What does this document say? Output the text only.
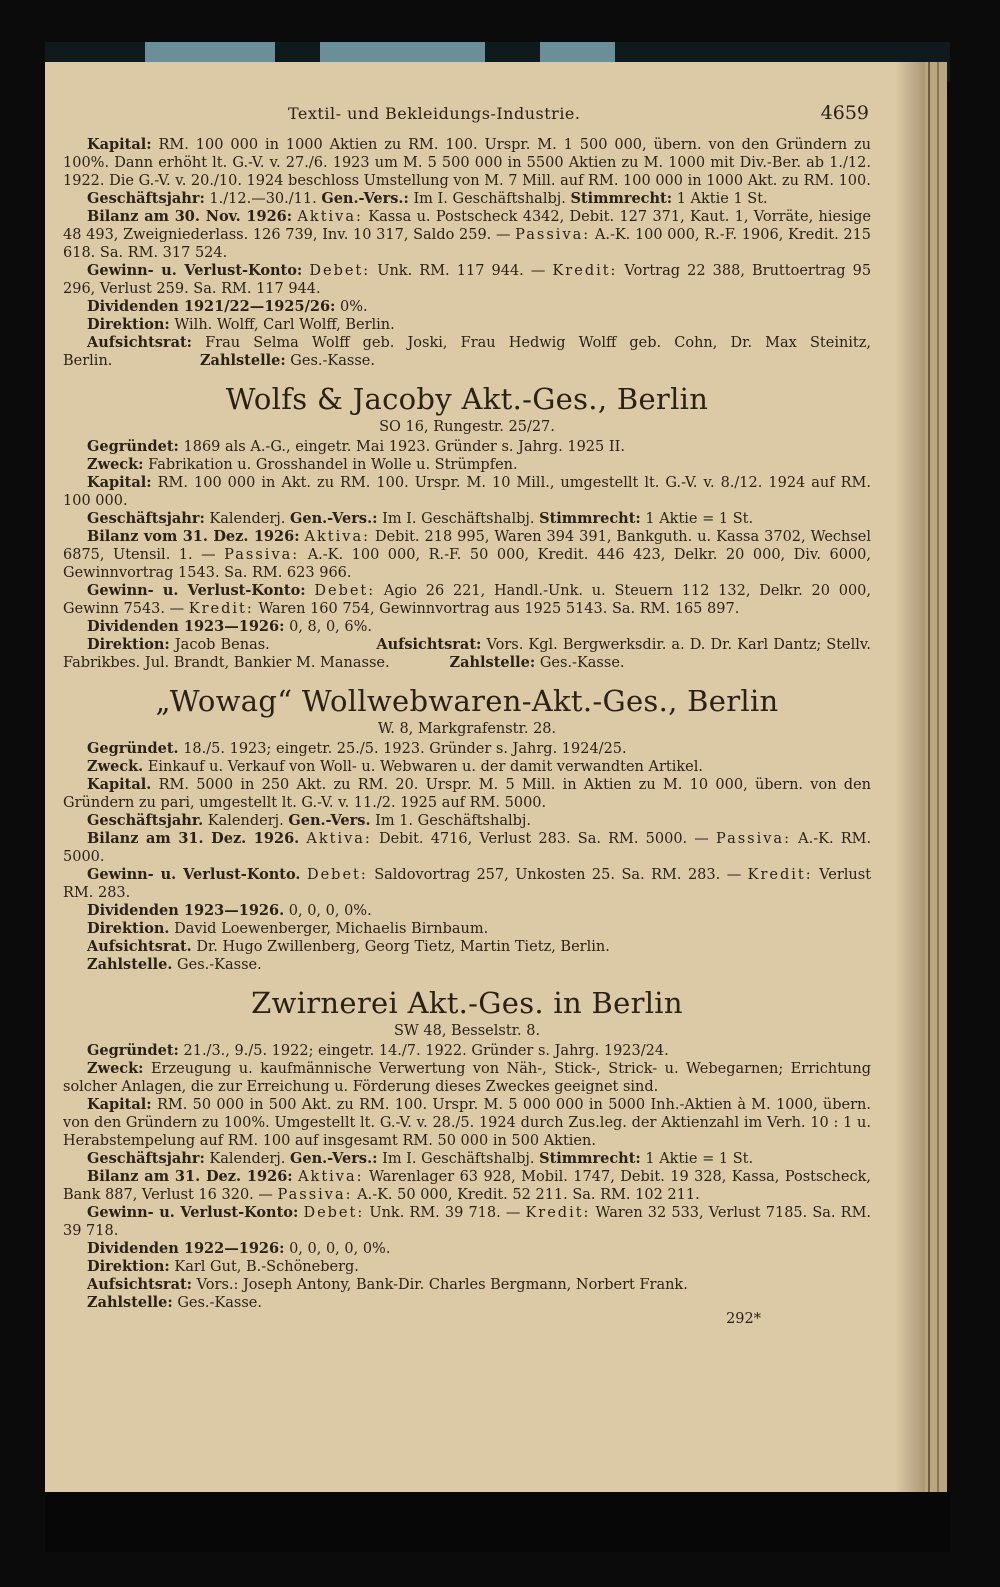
Textil- und Bekleidungs-Industrie.	4659

Kapital: RM. 100 000 in 1000 Aktien zu RM. 100. Urspr. M. 1 500 000, übern. von den Gründern zu 100%. Dann erhöht lt. G.-V. v. 27./6. 1923 um M. 5 500 000 in 5500 Aktien zu M. 1000 mit Div.-Ber. ab 1./12. 1922. Die G.-V. v. 20./10. 1924 beschloss Umstellung von M. 7 Mill. auf RM. 100 000 in 1000 Akt. zu RM. 100.

Geschäftsjahr: 1./12.—30./11. Gen.-Vers.: Im I. Geschäftshalbj. Stimmrecht: 1 Aktie 1 St.

Bilanz am 30. Nov. 1926: Aktiva: Kassa u. Postscheck 4342, Debit. 127 371, Kaut. 1, Vorräte, hiesige 48 493, Zweigniederlass. 126 739, Inv. 10 317, Saldo 259. — Passiva: A.-K. 100 000, R.-F. 1906, Kredit. 215 618. Sa. RM. 317 524.

Gewinn- u. Verlust-Konto: Debet: Unk. RM. 117 944. — Kredit: Vortrag 22 388, Bruttoertrag 95 296, Verlust 259. Sa. RM. 117 944.

Dividenden 1921/22—1925/26: 0%.

Direktion: Wilh. Wolff, Carl Wolff, Berlin.

Aufsichtsrat: Frau Selma Wolff geb. Joski, Frau Hedwig Wolff geb. Cohn, Dr. Max Steinitz, Berlin.	Zahlstelle: Ges.-Kasse.

Wolfs & Jacoby Akt.-Ges., Berlin
SO 16, Rungestr. 25/27.

Gegründet: 1869 als A.-G., eingetr. Mai 1923. Gründer s. Jahrg. 1925 II.

Zweck: Fabrikation u. Grosshandel in Wolle u. Strümpfen.

Kapital: RM. 100 000 in Akt. zu RM. 100. Urspr. M. 10 Mill., umgestellt lt. G.-V. v. 8./12. 1924 auf RM. 100 000.

Geschäftsjahr: Kalenderj. Gen.-Vers.: Im I. Geschäftshalbj. Stimmrecht: 1 Aktie = 1 St.

Bilanz vom 31. Dez. 1926: Aktiva: Debit. 218 995, Waren 394 391, Bankguth. u. Kassa 3702, Wechsel 6875, Utensil. 1. — Passiva: A.-K. 100 000, R.-F. 50 000, Kredit. 446 423, Delkr. 20 000, Div. 6000, Gewinnvortrag 1543. Sa. RM. 623 966.

Gewinn- u. Verlust-Konto: Debet: Agio 26 221, Handl.-Unk. u. Steuern 112 132, Delkr. 20 000, Gewinn 7543. — Kredit: Waren 160 754, Gewinnvortrag aus 1925 5143. Sa. RM. 165 897.

Dividenden 1923—1926: 0, 8, 0, 6%.

Direktion: Jacob Benas.	Aufsichtsrat: Vors. Kgl. Bergwerksdir. a. D. Dr. Karl Dantz; Stellv. Fabrikbes. Jul. Brandt, Bankier M. Manasse.	Zahlstelle: Ges.-Kasse.

„Wowag“ Wollwebwaren-Akt.-Ges., Berlin
W. 8, Markgrafenstr. 28.

Gegründet. 18./5. 1923; eingetr. 25./5. 1923. Gründer s. Jahrg. 1924/25.

Zweck. Einkauf u. Verkauf von Woll- u. Webwaren u. der damit verwandten Artikel.

Kapital. RM. 5000 in 250 Akt. zu RM. 20. Urspr. M. 5 Mill. in Aktien zu M. 10 000, übern. von den Gründern zu pari, umgestellt lt. G.-V. v. 11./2. 1925 auf RM. 5000.

Geschäftsjahr. Kalenderj. Gen.-Vers. Im 1. Geschäftshalbj.

Bilanz am 31. Dez. 1926. Aktiva: Debit. 4716, Verlust 283. Sa. RM. 5000. — Passiva: A.-K. RM. 5000.

Gewinn- u. Verlust-Konto. Debet: Saldovortrag 257, Unkosten 25. Sa. RM. 283. — Kredit: Verlust RM. 283.

Dividenden 1923—1926. 0, 0, 0, 0%.

Direktion. David Loewenberger, Michaelis Birnbaum.

Aufsichtsrat. Dr. Hugo Zwillenberg, Georg Tietz, Martin Tietz, Berlin.

Zahlstelle. Ges.-Kasse.

Zwirnerei Akt.-Ges. in Berlin
SW 48, Besselstr. 8.

Gegründet: 21./3., 9./5. 1922; eingetr. 14./7. 1922. Gründer s. Jahrg. 1923/24.

Zweck: Erzeugung u. kaufmännische Verwertung von Näh-, Stick-, Strick- u. Webegarnen; Errichtung solcher Anlagen, die zur Erreichung u. Förderung dieses Zweckes geeignet sind.

Kapital: RM. 50 000 in 500 Akt. zu RM. 100. Urspr. M. 5 000 000 in 5000 Inh.-Aktien à M. 1000, übern. von den Gründern zu 100%. Umgestellt lt. G.-V. v. 28./5. 1924 durch Zus.leg. der Aktienzahl im Verh. 10 : 1 u. Herabstempelung auf RM. 100 auf insgesamt RM. 50 000 in 500 Aktien.

Geschäftsjahr: Kalenderj. Gen.-Vers.: Im I. Geschäftshalbj. Stimmrecht: 1 Aktie = 1 St.

Bilanz am 31. Dez. 1926: Aktiva: Warenlager 63 928, Mobil. 1747, Debit. 19 328, Kassa, Postscheck, Bank 887, Verlust 16 320. — Passiva: A.-K. 50 000, Kredit. 52 211. Sa. RM. 102 211.

Gewinn- u. Verlust-Konto: Debet: Unk. RM. 39 718. — Kredit: Waren 32 533, Verlust 7185. Sa. RM. 39 718.

Dividenden 1922—1926: 0, 0, 0, 0, 0%.

Direktion: Karl Gut, B.-Schöneberg.

Aufsichtsrat: Vors.: Joseph Antony, Bank-Dir. Charles Bergmann, Norbert Frank.

Zahlstelle: Ges.-Kasse.

292*
